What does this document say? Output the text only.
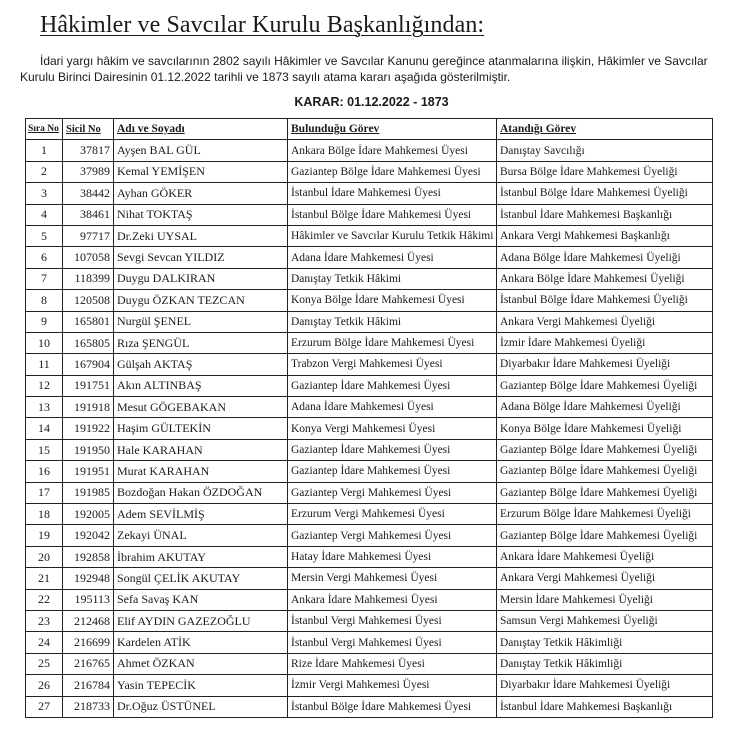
Hâkimler ve Savcılar Kurulu Başkanlığından:
İdari yargı hâkim ve savcılarının 2802 sayılı Hâkimler ve Savcılar Kanunu gereğince atanmalarına ilişkin, Hâkimler ve Savcılar Kurulu Birinci Dairesinin 01.12.2022 tarihli ve 1873 sayılı atama kararı aşağıda gösterilmiştir.
KARAR: 01.12.2022 - 1873
Sıra No	Sicil No	Adı ve Soyadı	Bulunduğu Görev	Atandığı Görev
1	37817	Ayşen BAL GÜL	Ankara Bölge İdare Mahkemesi Üyesi	Danıştay Savcılığı
2	37989	Kemal YEMİŞEN	Gaziantep Bölge İdare Mahkemesi Üyesi	Bursa Bölge İdare Mahkemesi Üyeliği
3	38442	Ayhan GÖKER	İstanbul İdare Mahkemesi Üyesi	İstanbul Bölge İdare Mahkemesi Üyeliği
4	38461	Nihat TOKTAŞ	İstanbul Bölge İdare Mahkemesi Üyesi	İstanbul İdare Mahkemesi Başkanlığı
5	97717	Dr.Zeki UYSAL	Hâkimler ve Savcılar Kurulu Tetkik Hâkimi	Ankara Vergi Mahkemesi Başkanlığı
6	107058	Sevgi Sevcan YILDIZ	Adana İdare Mahkemesi Üyesi	Adana Bölge İdare Mahkemesi Üyeliği
7	118399	Duygu DALKIRAN	Danıştay Tetkik Hâkimi	Ankara Bölge İdare Mahkemesi Üyeliği
8	120508	Duygu ÖZKAN TEZCAN	Konya Bölge İdare Mahkemesi Üyesi	İstanbul Bölge İdare Mahkemesi Üyeliği
9	165801	Nurgül ŞENEL	Danıştay Tetkik Hâkimi	Ankara Vergi Mahkemesi Üyeliği
10	165805	Rıza ŞENGÜL	Erzurum Bölge İdare Mahkemesi Üyesi	İzmir İdare Mahkemesi Üyeliği
11	167904	Gülşah AKTAŞ	Trabzon Vergi Mahkemesi Üyesi	Diyarbakır İdare Mahkemesi Üyeliği
12	191751	Akın ALTINBAŞ	Gaziantep İdare Mahkemesi Üyesi	Gaziantep Bölge İdare Mahkemesi Üyeliği
13	191918	Mesut GÖGEBAKAN	Adana İdare Mahkemesi Üyesi	Adana Bölge İdare Mahkemesi Üyeliği
14	191922	Haşim GÜLTEKİN	Konya Vergi Mahkemesi Üyesi	Konya Bölge İdare Mahkemesi Üyeliği
15	191950	Hale KARAHAN	Gaziantep İdare Mahkemesi Üyesi	Gaziantep Bölge İdare Mahkemesi Üyeliği
16	191951	Murat KARAHAN	Gaziantep İdare Mahkemesi Üyesi	Gaziantep Bölge İdare Mahkemesi Üyeliği
17	191985	Bozdoğan Hakan ÖZDOĞAN	Gaziantep Vergi Mahkemesi Üyesi	Gaziantep Bölge İdare Mahkemesi Üyeliği
18	192005	Adem SEVİLMİŞ	Erzurum Vergi Mahkemesi Üyesi	Erzurum Bölge İdare Mahkemesi Üyeliği
19	192042	Zekayi ÜNAL	Gaziantep Vergi Mahkemesi Üyesi	Gaziantep Bölge İdare Mahkemesi Üyeliği
20	192858	İbrahim AKUTAY	Hatay İdare Mahkemesi Üyesi	Ankara İdare Mahkemesi Üyeliği
21	192948	Songül ÇELİK AKUTAY	Mersin Vergi Mahkemesi Üyesi	Ankara Vergi Mahkemesi Üyeliği
22	195113	Sefa Savaş KAN	Ankara İdare Mahkemesi Üyesi	Mersin İdare Mahkemesi Üyeliği
23	212468	Elif AYDIN GAZEZOĞLU	İstanbul Vergi Mahkemesi Üyesi	Samsun Vergi Mahkemesi Üyeliği
24	216699	Kardelen ATİK	İstanbul Vergi Mahkemesi Üyesi	Danıştay Tetkik Hâkimliği
25	216765	Ahmet ÖZKAN	Rize İdare Mahkemesi Üyesi	Danıştay Tetkik Hâkimliği
26	216784	Yasin TEPECİK	İzmir Vergi Mahkemesi Üyesi	Diyarbakır İdare Mahkemesi Üyeliği
27	218733	Dr.Oğuz ÜSTÜNEL	İstanbul Bölge İdare Mahkemesi Üyesi	İstanbul İdare Mahkemesi Başkanlığı
